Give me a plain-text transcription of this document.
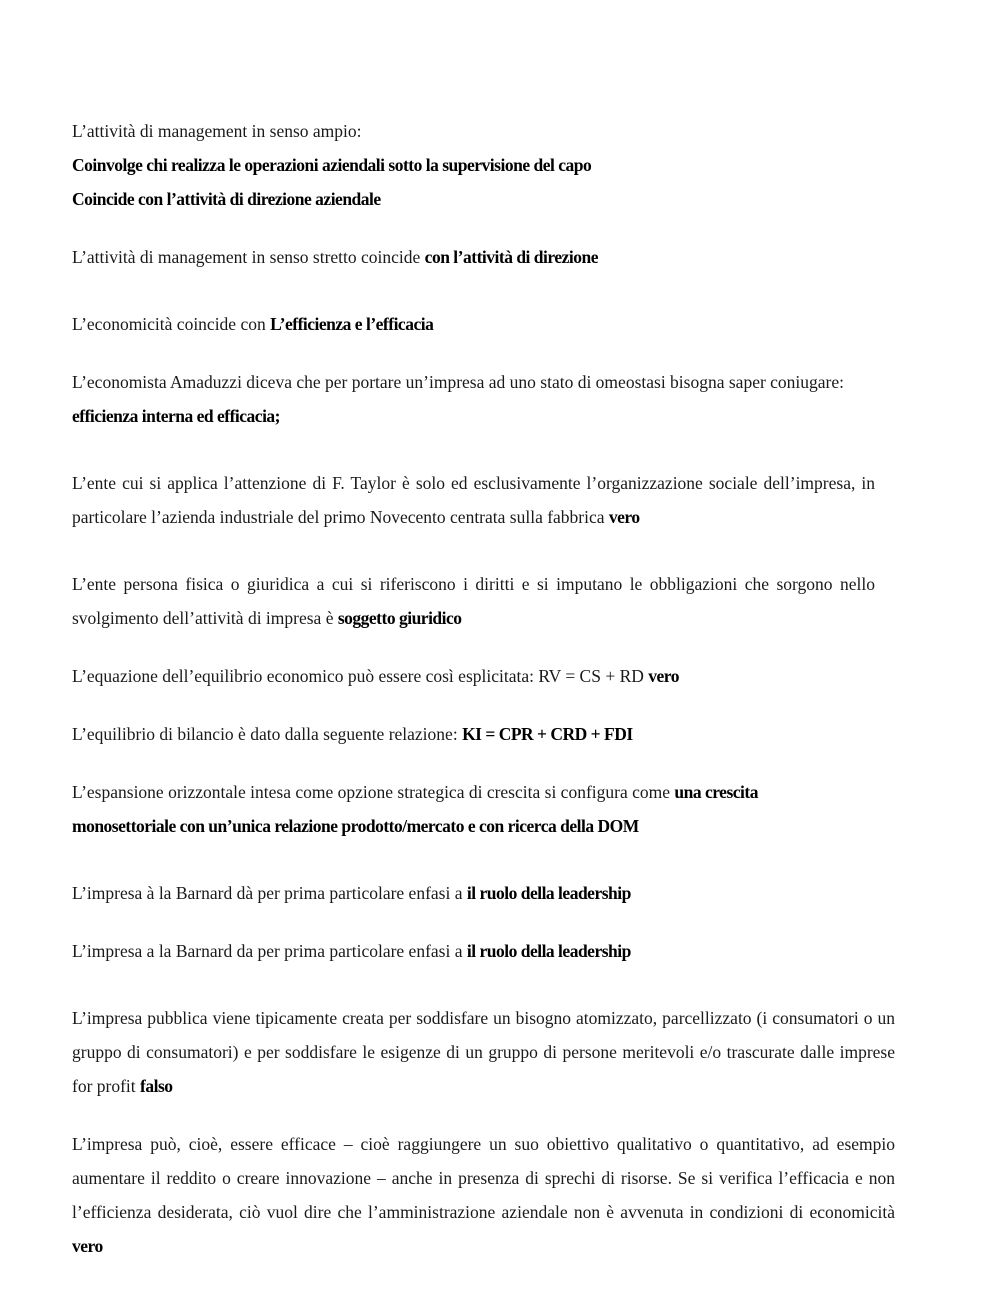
L’attività di management in senso ampio:

Coinvolge chi realizza le operazioni aziendali sotto la supervisione del capo

Coincide con l’attività di direzione aziendale

L’attività di management in senso stretto coincide con l’attività di direzione

L’economicità coincide con L’efficienza e l’efficacia

L’economista Amaduzzi diceva che per portare un’impresa ad uno stato di omeostasi bisogna saper coniugare: efficienza interna ed efficacia;

L’ente cui si applica l’attenzione di F. Taylor è solo ed esclusivamente l’organizzazione sociale dell’impresa, in particolare l’azienda industriale del primo Novecento centrata sulla fabbrica vero

L’ente persona fisica o giuridica a cui si riferiscono i diritti e si imputano le obbligazioni che sorgono nello svolgimento dell’attività di impresa è soggetto giuridico

L’equazione dell’equilibrio economico può essere così esplicitata: RV = CS + RD vero

L’equilibrio di bilancio è dato dalla seguente relazione: KI = CPR + CRD + FDI

L’espansione orizzontale intesa come opzione strategica di crescita si configura come una crescita monosettoriale con un’unica relazione prodotto/mercato e con ricerca della DOM

L’impresa à la Barnard dà per prima particolare enfasi a il ruolo della leadership

L’impresa a la Barnard da per prima particolare enfasi a il ruolo della leadership

L’impresa pubblica viene tipicamente creata per soddisfare un bisogno atomizzato, parcellizzato (i consumatori o un gruppo di consumatori) e per soddisfare le esigenze di un gruppo di persone meritevoli e/o trascurate dalle imprese for profit falso

L’impresa può, cioè, essere efficace – cioè raggiungere un suo obiettivo qualitativo o quantitativo, ad esempio aumentare il reddito o creare innovazione – anche in presenza di sprechi di risorse. Se si verifica l’efficacia e non l’efficienza desiderata, ciò vuol dire che l’amministrazione aziendale non è avvenuta in condizioni di economicità vero
